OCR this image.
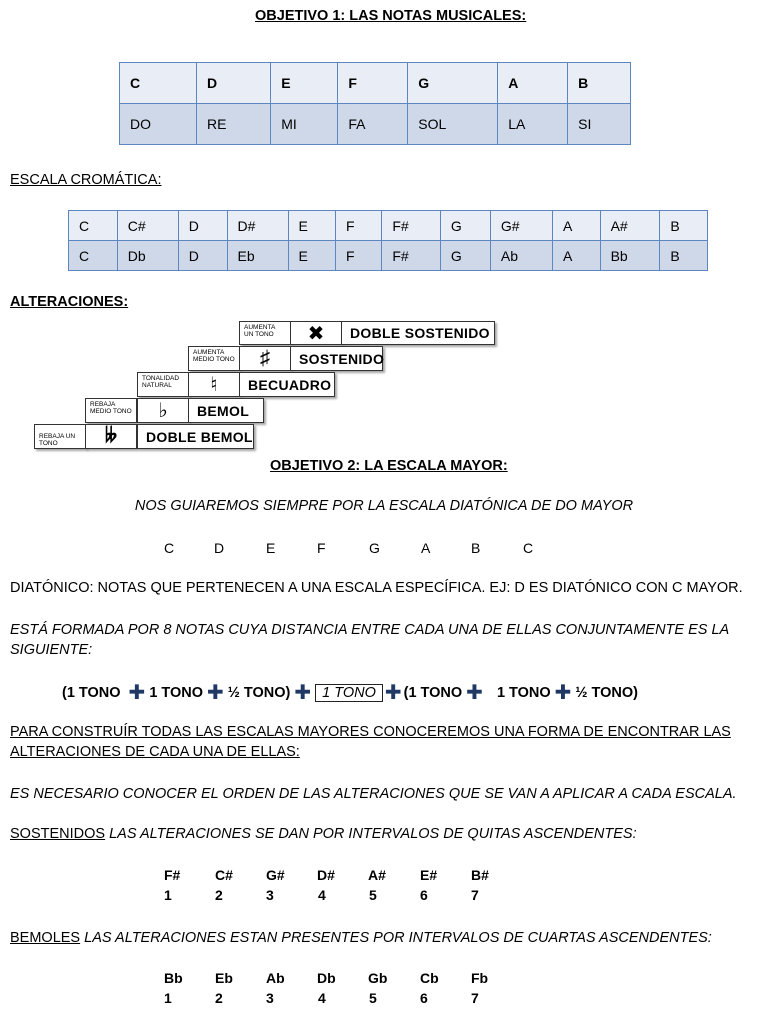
OBJETIVO 1: LAS NOTAS MUSICALES:
C	D	E	F	G	A	B
DO	RE	MI	FA	SOL	LA	SI
ESCALA CROMÁTICA:
C	C#	D	D#	E	F	F#	G	G#	A	A#	B
C	Db	D	Eb	E	F	F#	G	Ab	A	Bb	B
ALTERACIONES:
AUMENTA UN TONO	✖	DOBLE SOSTENIDO
AUMENTA MEDIO TONO	♯	SOSTENIDO
TONALIDAD NATURAL	♮	BECUADRO
REBAJA MEDIO TONO	♭	BEMOL
REBAJA UN TONO	𝄫	DOBLE BEMOL
OBJETIVO 2: LA ESCALA MAYOR:
NOS GUIAREMOS SIEMPRE POR LA ESCALA DIATÓNICA DE DO MAYOR
C	D	E	F	G	A	B	C
DIATÓNICO: NOTAS QUE PERTENECEN A UNA ESCALA ESPECÍFICA. EJ: D ES DIATÓNICO CON C MAYOR.
ESTÁ FORMADA POR 8 NOTAS CUYA DISTANCIA ENTRE CADA UNA DE ELLAS CONJUNTAMENTE ES LA
SIGUIENTE:
(1 TONO ✚ 1 TONO ✚ ½ TONO) ✚ 1 TONO ✚ (1 TONO ✚ 1 TONO ✚ ½ TONO)
PARA CONSTRUÍR TODAS LAS ESCALAS MAYORES CONOCEREMOS UNA FORMA DE ENCONTRAR LAS
ALTERACIONES DE CADA UNA DE ELLAS:
ES NECESARIO CONOCER EL ORDEN DE LAS ALTERACIONES QUE SE VAN A APLICAR A CADA ESCALA.
SOSTENIDOS LAS ALTERACIONES SE DAN POR INTERVALOS DE QUITAS ASCENDENTES:
F# C# G# D# A# E# B#
1	2	3	4	5	6	7
BEMOLES LAS ALTERACIONES ESTAN PRESENTES POR INTERVALOS DE CUARTAS ASCENDENTES:
Bb Eb Ab Db Gb Cb Fb
1	2	3	4	5	6	7
